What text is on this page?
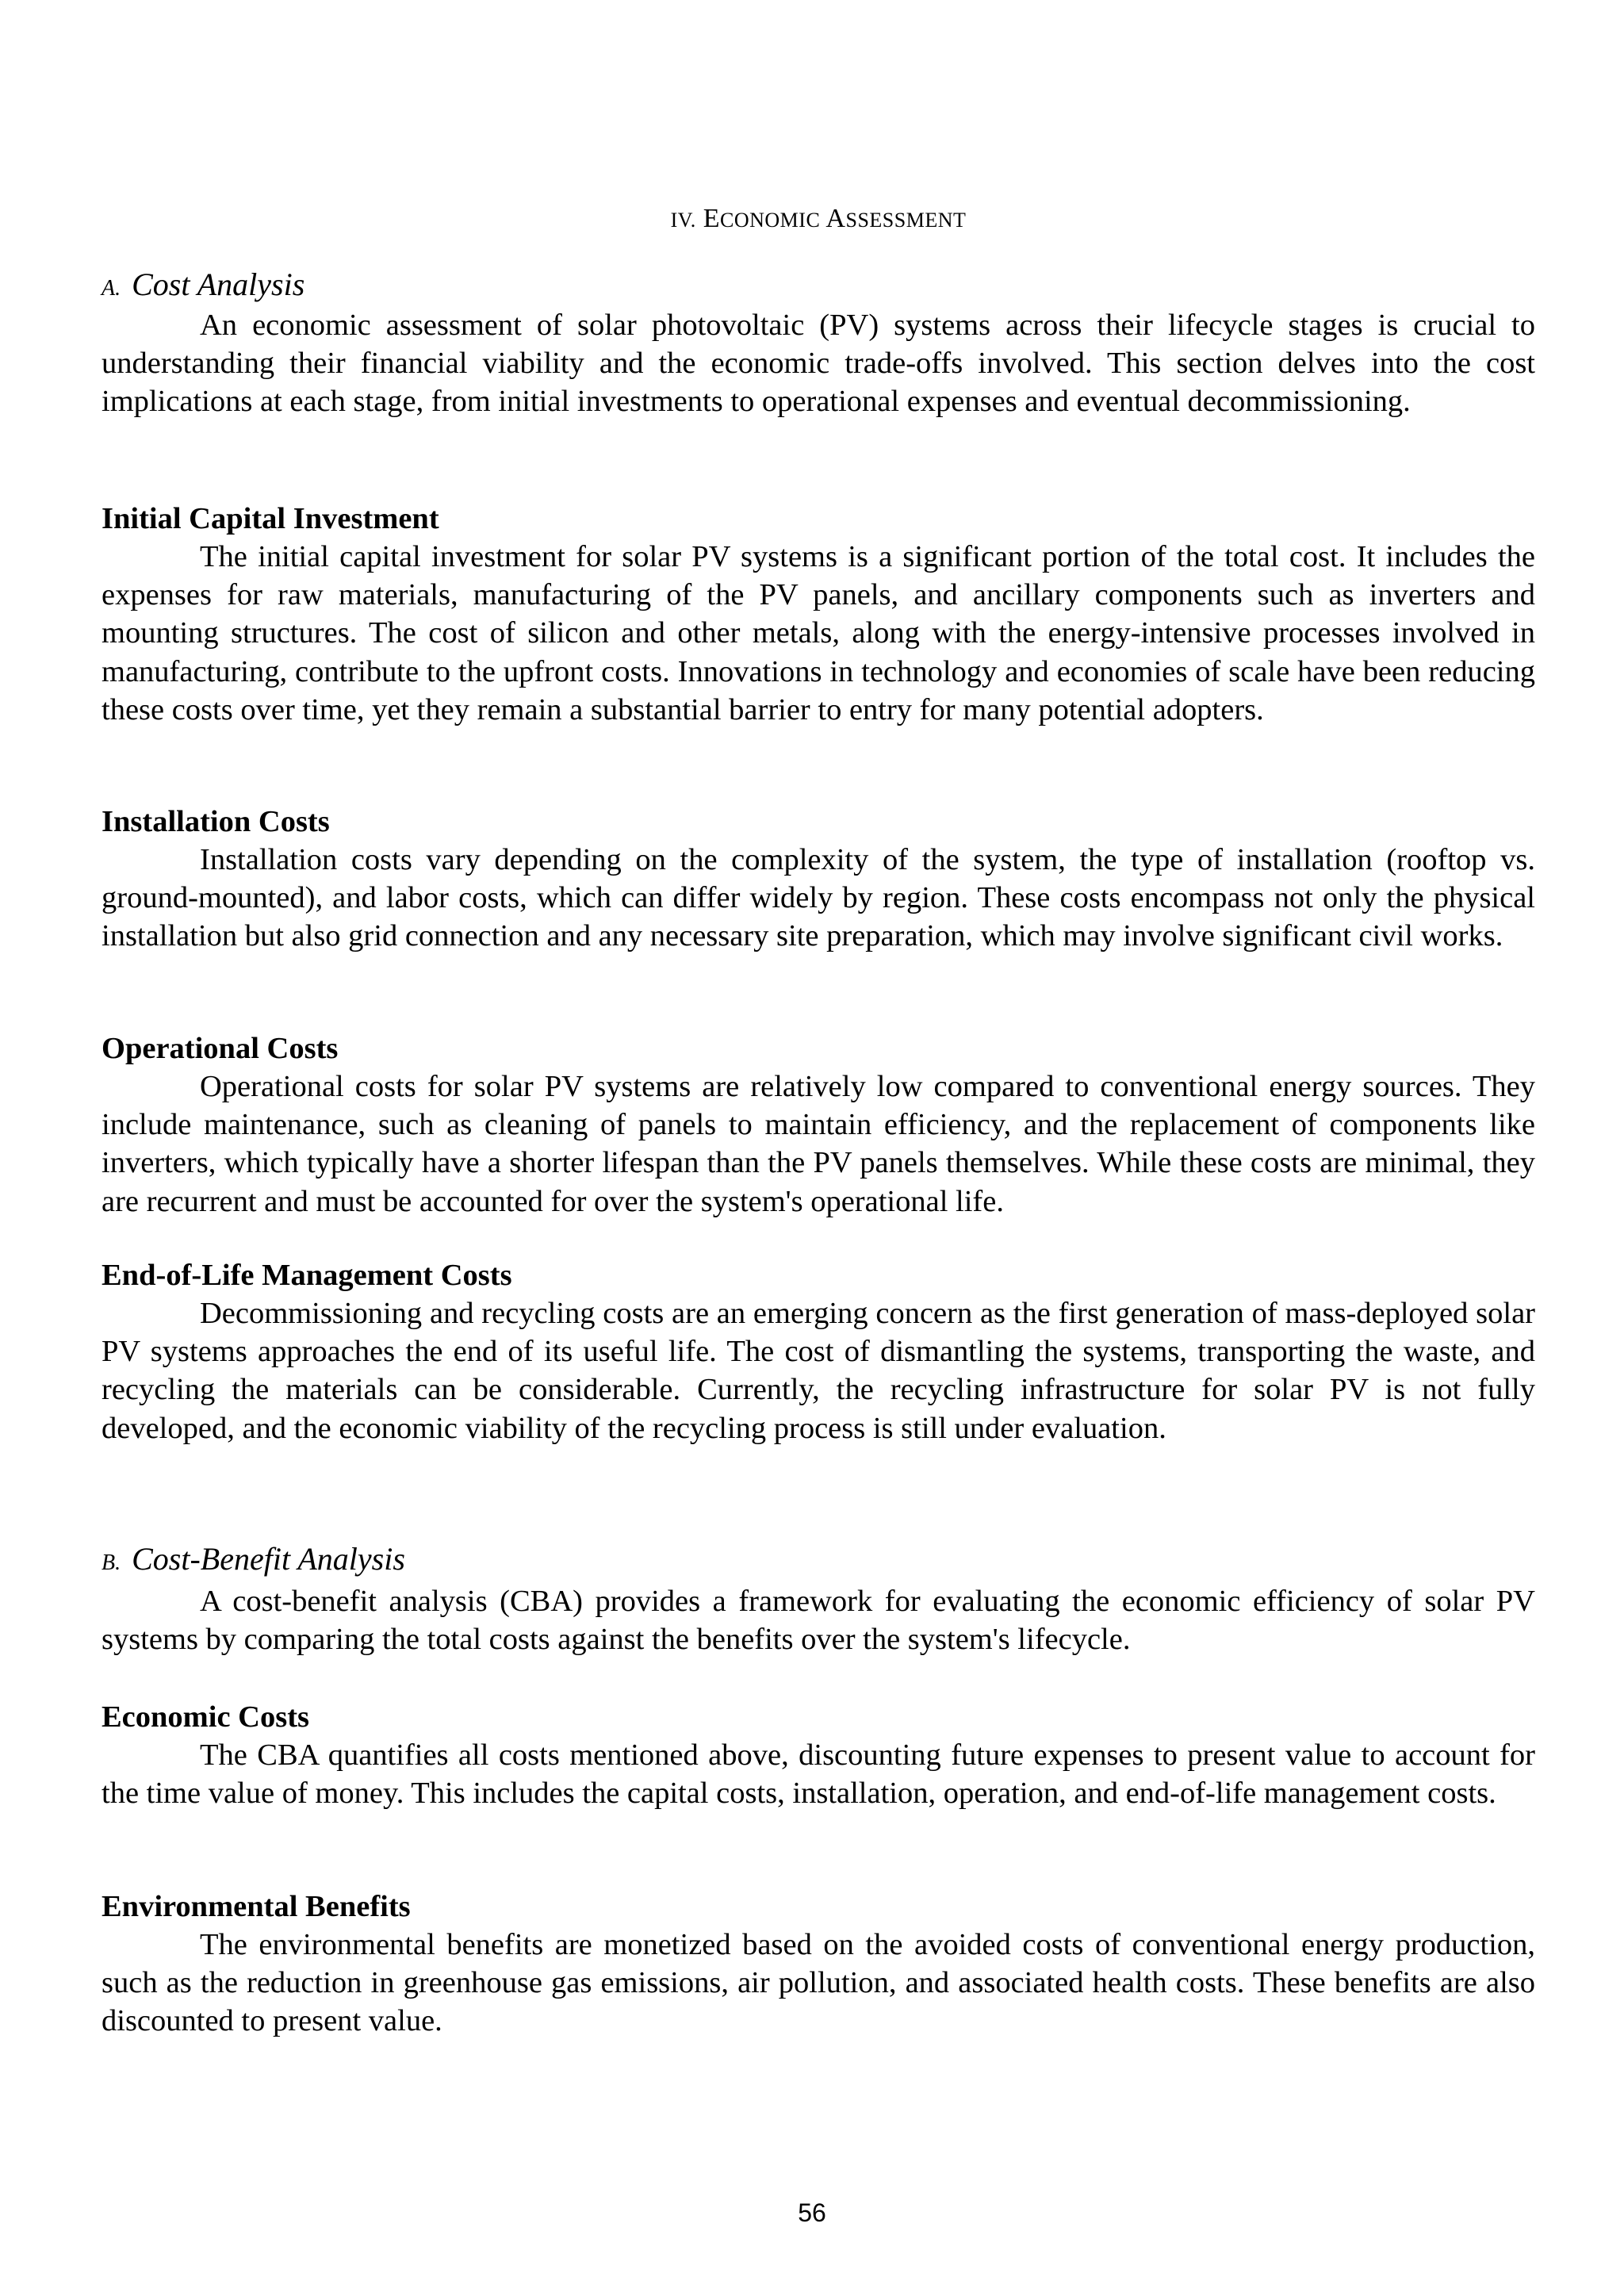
IV. ECONOMIC ASSESSMENT
A. Cost Analysis

An economic assessment of solar photovoltaic (PV) systems across their lifecycle stages is crucial to understanding their financial viability and the economic trade-offs involved. This section delves into the cost implications at each stage, from initial investments to operational expenses and eventual decommissioning.

Initial Capital Investment

The initial capital investment for solar PV systems is a significant portion of the total cost. It includes the expenses for raw materials, manufacturing of the PV panels, and ancillary components such as inverters and mounting structures. The cost of silicon and other metals, along with the energy-intensive processes involved in manufacturing, contribute to the upfront costs. Innovations in technology and economies of scale have been reducing these costs over time, yet they remain a substantial barrier to entry for many potential adopters.

Installation Costs

Installation costs vary depending on the complexity of the system, the type of installation (rooftop vs. ground-mounted), and labor costs, which can differ widely by region. These costs encompass not only the physical installation but also grid connection and any necessary site preparation, which may involve significant civil works.

Operational Costs

Operational costs for solar PV systems are relatively low compared to conventional energy sources. They include maintenance, such as cleaning of panels to maintain efficiency, and the replacement of components like inverters, which typically have a shorter lifespan than the PV panels themselves. While these costs are minimal, they are recurrent and must be accounted for over the system's operational life.

End-of-Life Management Costs

Decommissioning and recycling costs are an emerging concern as the first generation of mass-deployed solar PV systems approaches the end of its useful life. The cost of dismantling the systems, transporting the waste, and recycling the materials can be considerable. Currently, the recycling infrastructure for solar PV is not fully developed, and the economic viability of the recycling process is still under evaluation.

B. Cost-Benefit Analysis

A cost-benefit analysis (CBA) provides a framework for evaluating the economic efficiency of solar PV systems by comparing the total costs against the benefits over the system's lifecycle.

Economic Costs

The CBA quantifies all costs mentioned above, discounting future expenses to present value to account for the time value of money. This includes the capital costs, installation, operation, and end-of-life management costs.

Environmental Benefits

The environmental benefits are monetized based on the avoided costs of conventional energy production, such as the reduction in greenhouse gas emissions, air pollution, and associated health costs. These benefits are also discounted to present value.

56
